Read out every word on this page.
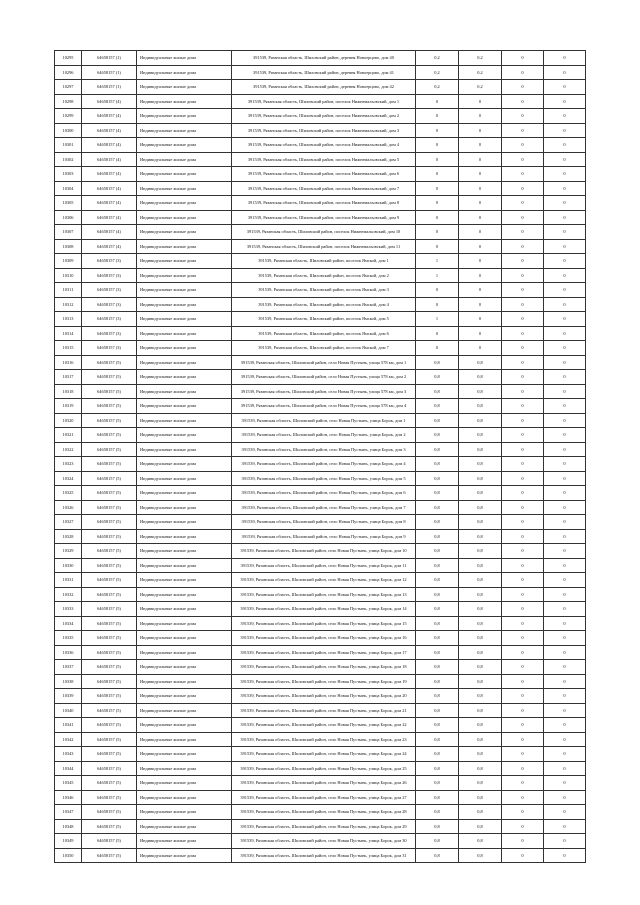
10295	64658157 (1)	Индивидуальные жилые дома	391539, Рязанская область, Шиловский район, деревня Новоерцово, дом 40	0,2	0,2	0	0
10296	64658157 (1)	Индивидуальные жилые дома	391539, Рязанская область, Шиловский район, деревня Новоерцово, дом 41	0,2	0,2	0	0
10297	64658157 (1)	Индивидуальные жилые дома	391539, Рязанская область, Шиловский район, деревня Новоерцово, дом 42	0,2	0,2	0	0
10298	64658157 (4)	Индивидуальные жилые дома	391539, Рязанская область, Шиловский район, поселок Нижнемальовский, дом 1	0	0	0	0
10299	64658157 (4)	Индивидуальные жилые дома	391539, Рязанская область, Шиловский район, поселок Нижнемальовский, дом 2	0	0	0	0
10300	64658157 (4)	Индивидуальные жилые дома	391539, Рязанская область, Шиловский район, поселок Нижнемальовский, дом 3	0	0	0	0
10301	64658157 (4)	Индивидуальные жилые дома	391539, Рязанская область, Шиловский район, поселок Нижнемальовский, дом 4	0	0	0	0
10302	64658157 (4)	Индивидуальные жилые дома	391539, Рязанская область, Шиловский район, поселок Нижнемальовский, дом 5	0	0	0	0
10303	64658157 (4)	Индивидуальные жилые дома	391539, Рязанская область, Шиловский район, поселок Нижнемальовский, дом 6	0	0	0	0
10304	64658157 (4)	Индивидуальные жилые дома	391539, Рязанская область, Шиловский район, поселок Нижнемальовский, дом 7	0	0	0	0
10305	64658157 (4)	Индивидуальные жилые дома	391539, Рязанская область, Шиловский район, поселок Нижнемальовский, дом 8	0	0	0	0
10306	64658157 (4)	Индивидуальные жилые дома	391539, Рязанская область, Шиловский район, поселок Нижнемальовский, дом 9	0	0	0	0
10307	64658157 (4)	Индивидуальные жилые дома	391539, Рязанская область, Шиловский район, поселок Нижнемальовский, дом 10	0	0	0	0
10308	64658157 (4)	Индивидуальные жилые дома	391539, Рязанская область, Шиловский район, поселок Нижнемальовский, дом 11	0	0	0	0
10309	64658157 (3)	Индивидуальные жилые дома	391539, Рязанская область, Шиловский район, поселок Ямской, дом 1	1	0	0	0
10310	64658157 (3)	Индивидуальные жилые дома	391539, Рязанская область, Шиловский район, поселок Ямской, дом 2	1	0	0	0
10311	64658157 (3)	Индивидуальные жилые дома	391539, Рязанская область, Шиловский район, поселок Ямской, дом 3	0	0	0	0
10312	64658157 (3)	Индивидуальные жилые дома	391539, Рязанская область, Шиловский район, поселок Ямской, дом 4	0	0	0	0
10313	64658157 (3)	Индивидуальные жилые дома	391539, Рязанская область, Шиловский район, поселок Ямской, дом 5	1	0	0	0
10314	64658157 (3)	Индивидуальные жилые дома	391539, Рязанская область, Шиловский район, поселок Ямской, дом 6	0	0	0	0
10315	64658157 (3)	Индивидуальные жилые дома	391539, Рязанская область, Шиловский район, поселок Ямской, дом 7	0	0	0	0
10316	64658157 (5)	Индивидуальные жилые дома	391539, Рязанская область, Шиловский район, село Новая Пустынь, улица 578 км, дом 1	0,8	0,8	0	0
10317	64658157 (5)	Индивидуальные жилые дома	391539, Рязанская область, Шиловский район, село Новая Пустынь, улица 578 км, дом 2	0,8	0,8	0	0
10318	64658157 (5)	Индивидуальные жилые дома	391539, Рязанская область, Шиловский район, село Новая Пустынь, улица 578 км, дом 3	0,8	0,8	0	0
10319	64658157 (5)	Индивидуальные жилые дома	391539, Рязанская область, Шиловский район, село Новая Пустынь, улица 578 км, дом 4	0,8	0,8	0	0
10320	64658157 (5)	Индивидуальные жилые дома	391539, Рязанская область, Шиловский район, село Новая Пустынь, улица Борок, дом 1	0,8	0,8	0	0
10321	64658157 (5)	Индивидуальные жилые дома	391539, Рязанская область, Шиловский район, село Новая Пустынь, улица Борок, дом 2	0,8	0,8	0	0
10322	64658157 (5)	Индивидуальные жилые дома	391539, Рязанская область, Шиловский район, село Новая Пустынь, улица Борок, дом 3	0,8	0,8	0	0
10323	64658157 (5)	Индивидуальные жилые дома	391539, Рязанская область, Шиловский район, село Новая Пустынь, улица Борок, дом 4	0,8	0,8	0	0
10324	64658157 (5)	Индивидуальные жилые дома	391539, Рязанская область, Шиловский район, село Новая Пустынь, улица Борок, дом 5	0,8	0,8	0	0
10325	64658157 (5)	Индивидуальные жилые дома	391539, Рязанская область, Шиловский район, село Новая Пустынь, улица Борок, дом 6	0,8	0,8	0	0
10326	64658157 (5)	Индивидуальные жилые дома	391539, Рязанская область, Шиловский район, село Новая Пустынь, улица Борок, дом 7	0,8	0,8	0	0
10327	64658157 (5)	Индивидуальные жилые дома	391539, Рязанская область, Шиловский район, село Новая Пустынь, улица Борок, дом 8	0,8	0,8	0	0
10328	64658157 (5)	Индивидуальные жилые дома	391539, Рязанская область, Шиловский район, село Новая Пустынь, улица Борок, дом 9	0,8	0,8	0	0
10329	64658157 (5)	Индивидуальные жилые дома	391539, Рязанская область, Шиловский район, село Новая Пустынь, улица Борок, дом 10	0,8	0,8	0	0
10330	64658157 (5)	Индивидуальные жилые дома	391539, Рязанская область, Шиловский район, село Новая Пустынь, улица Борок, дом 11	0,8	0,8	0	0
10331	64658157 (5)	Индивидуальные жилые дома	391539, Рязанская область, Шиловский район, село Новая Пустынь, улица Борок, дом 12	0,8	0,8	0	0
10332	64658157 (5)	Индивидуальные жилые дома	391539, Рязанская область, Шиловский район, село Новая Пустынь, улица Борок, дом 13	0,8	0,8	0	0
10333	64658157 (5)	Индивидуальные жилые дома	391539, Рязанская область, Шиловский район, село Новая Пустынь, улица Борок, дом 14	0,8	0,8	0	0
10334	64658157 (5)	Индивидуальные жилые дома	391539, Рязанская область, Шиловский район, село Новая Пустынь, улица Борок, дом 15	0,8	0,8	0	0
10335	64658157 (5)	Индивидуальные жилые дома	391539, Рязанская область, Шиловский район, село Новая Пустынь, улица Борок, дом 16	0,8	0,8	0	0
10336	64658157 (5)	Индивидуальные жилые дома	391539, Рязанская область, Шиловский район, село Новая Пустынь, улица Борок, дом 17	0,8	0,8	0	0
10337	64658157 (5)	Индивидуальные жилые дома	391539, Рязанская область, Шиловский район, село Новая Пустынь, улица Борок, дом 18	0,8	0,8	0	0
10338	64658157 (5)	Индивидуальные жилые дома	391539, Рязанская область, Шиловский район, село Новая Пустынь, улица Борок, дом 19	0,8	0,8	0	0
10339	64658157 (5)	Индивидуальные жилые дома	391539, Рязанская область, Шиловский район, село Новая Пустынь, улица Борок, дом 20	0,8	0,8	0	0
10340	64658157 (5)	Индивидуальные жилые дома	391539, Рязанская область, Шиловский район, село Новая Пустынь, улица Борок, дом 21	0,8	0,8	0	0
10341	64658157 (5)	Индивидуальные жилые дома	391539, Рязанская область, Шиловский район, село Новая Пустынь, улица Борок, дом 22	0,8	0,8	0	0
10342	64658157 (5)	Индивидуальные жилые дома	391539, Рязанская область, Шиловский район, село Новая Пустынь, улица Борок, дом 23	0,8	0,8	0	0
10343	64658157 (5)	Индивидуальные жилые дома	391539, Рязанская область, Шиловский район, село Новая Пустынь, улица Борок, дом 24	0,8	0,8	0	0
10344	64658157 (5)	Индивидуальные жилые дома	391539, Рязанская область, Шиловский район, село Новая Пустынь, улица Борок, дом 25	0,8	0,8	0	0
10345	64658157 (5)	Индивидуальные жилые дома	391539, Рязанская область, Шиловский район, село Новая Пустынь, улица Борок, дом 26	0,8	0,8	0	0
10346	64658157 (5)	Индивидуальные жилые дома	391539, Рязанская область, Шиловский район, село Новая Пустынь, улица Борок, дом 27	0,8	0,8	0	0
10347	64658157 (5)	Индивидуальные жилые дома	391539, Рязанская область, Шиловский район, село Новая Пустынь, улица Борок, дом 28	0,8	0,8	0	0
10348	64658157 (5)	Индивидуальные жилые дома	391539, Рязанская область, Шиловский район, село Новая Пустынь, улица Борок, дом 29	0,8	0,8	0	0
10349	64658157 (5)	Индивидуальные жилые дома	391539, Рязанская область, Шиловский район, село Новая Пустынь, улица Борок, дом 30	0,8	0,8	0	0
10350	64658157 (5)	Индивидуальные жилые дома	391539, Рязанская область, Шиловский район, село Новая Пустынь, улица Борок, дом 31	0,8	0,8	0	0
